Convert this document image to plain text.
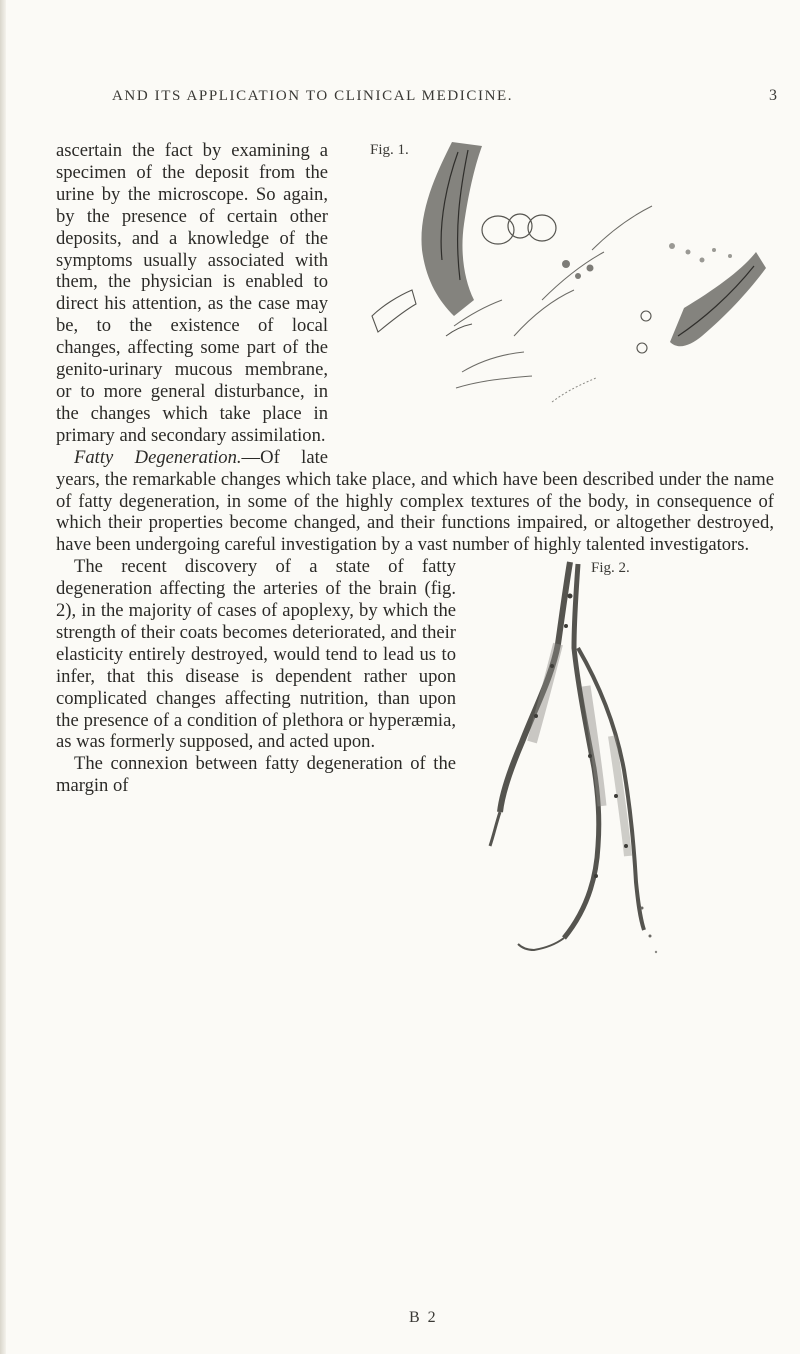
AND ITS APPLICATION TO CLINICAL MEDICINE.	3
Fig. 1.

ascertain the fact by examining a specimen of the deposit from the urine by the microscope. So again, by the presence of certain other deposits, and a knowledge of the symptoms usually associated with them, the physician is enabled to direct his attention, as the case may be, to the existence of local changes, affecting some part of the genito-urinary mucous membrane, or to more general disturbance, in the changes which take place in primary and secondary assimilation.

Fatty Degeneration.—Of late years, the remarkable changes which take place, and which have been described under the name of fatty degeneration, in some of the highly complex textures of the body, in consequence of which their properties become changed, and their functions impaired, or altogether destroyed, have been undergoing careful investigation by a vast number of highly talented investigators.

Fig. 2.

The recent discovery of a state of fatty degeneration affecting the arteries of the brain (fig. 2), in the majority of cases of apoplexy, by which the strength of their coats becomes deteriorated, and their elasticity entirely destroyed, would tend to lead us to infer, that this disease is dependent rather upon complicated changes affecting nutrition, than upon the presence of a condition of plethora or hyperæmia, as was formerly supposed, and acted upon.

The connexion between fatty degeneration of the margin of

B 2
